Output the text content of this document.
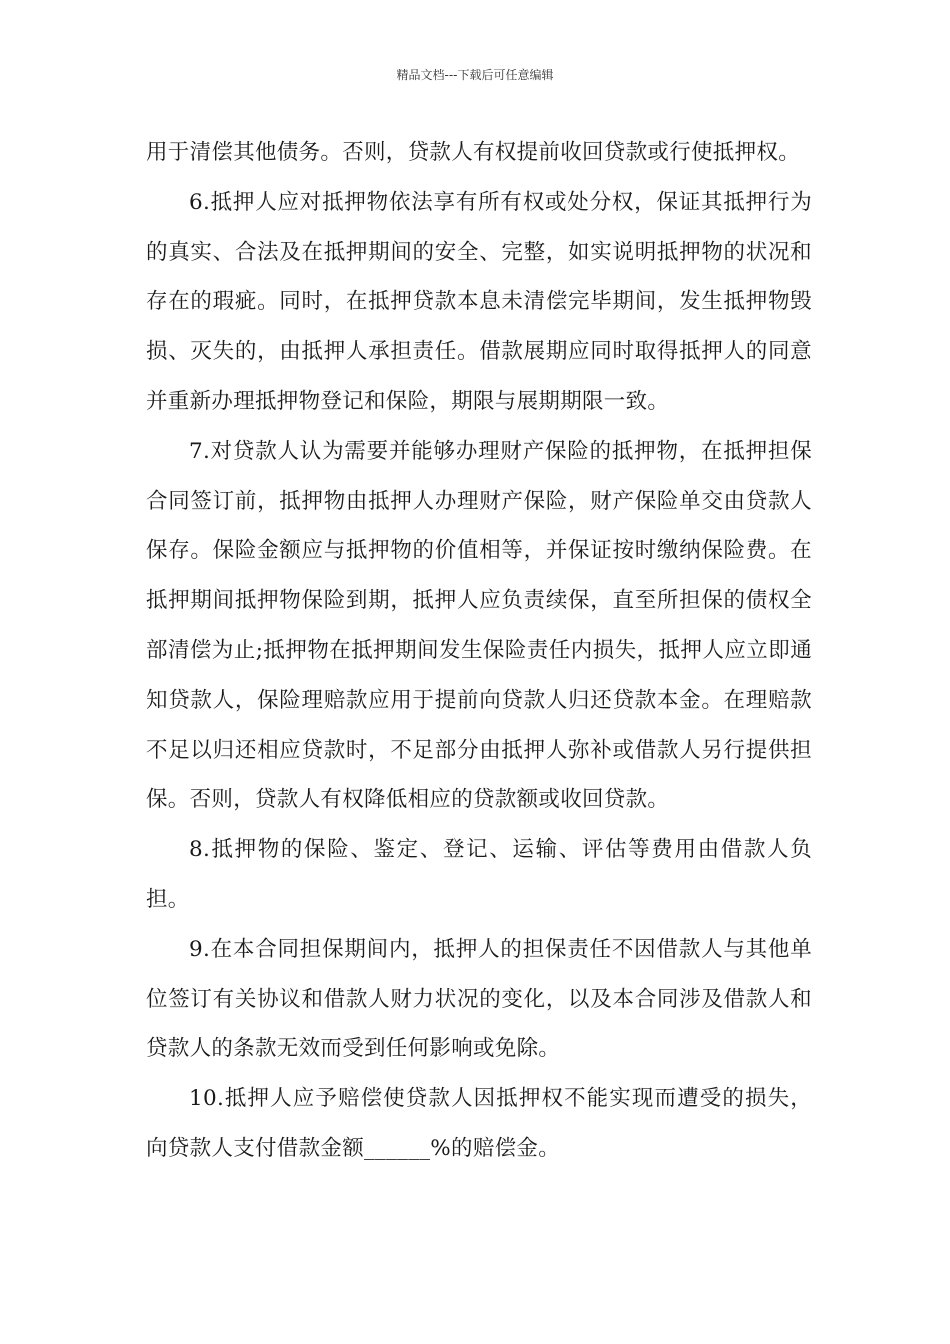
精品文档---下载后可任意编辑

用于清偿其他债务。否则，贷款人有权提前收回贷款或行使抵押权。

6.抵押人应对抵押物依法享有所有权或处分权，保证其抵押行为的真实、合法及在抵押期间的安全、完整，如实说明抵押物的状况和存在的瑕疵。同时，在抵押贷款本息未清偿完毕期间，发生抵押物毁损、灭失的，由抵押人承担责任。借款展期应同时取得抵押人的同意并重新办理抵押物登记和保险，期限与展期期限一致。

7.对贷款人认为需要并能够办理财产保险的抵押物，在抵押担保合同签订前，抵押物由抵押人办理财产保险，财产保险单交由贷款人保存。保险金额应与抵押物的价值相等，并保证按时缴纳保险费。在抵押期间抵押物保险到期，抵押人应负责续保，直至所担保的债权全部清偿为止;抵押物在抵押期间发生保险责任内损失，抵押人应立即通知贷款人，保险理赔款应用于提前向贷款人归还贷款本金。在理赔款不足以归还相应贷款时，不足部分由抵押人弥补或借款人另行提供担保。否则，贷款人有权降低相应的贷款额或收回贷款。

8.抵押物的保险、鉴定、登记、运输、评估等费用由借款人负担。

9.在本合同担保期间内，抵押人的担保责任不因借款人与其他单位签订有关协议和借款人财力状况的变化，以及本合同涉及借款人和贷款人的条款无效而受到任何影响或免除。

10.抵押人应予赔偿使贷款人因抵押权不能实现而遭受的损失，向贷款人支付借款金额______%的赔偿金。
